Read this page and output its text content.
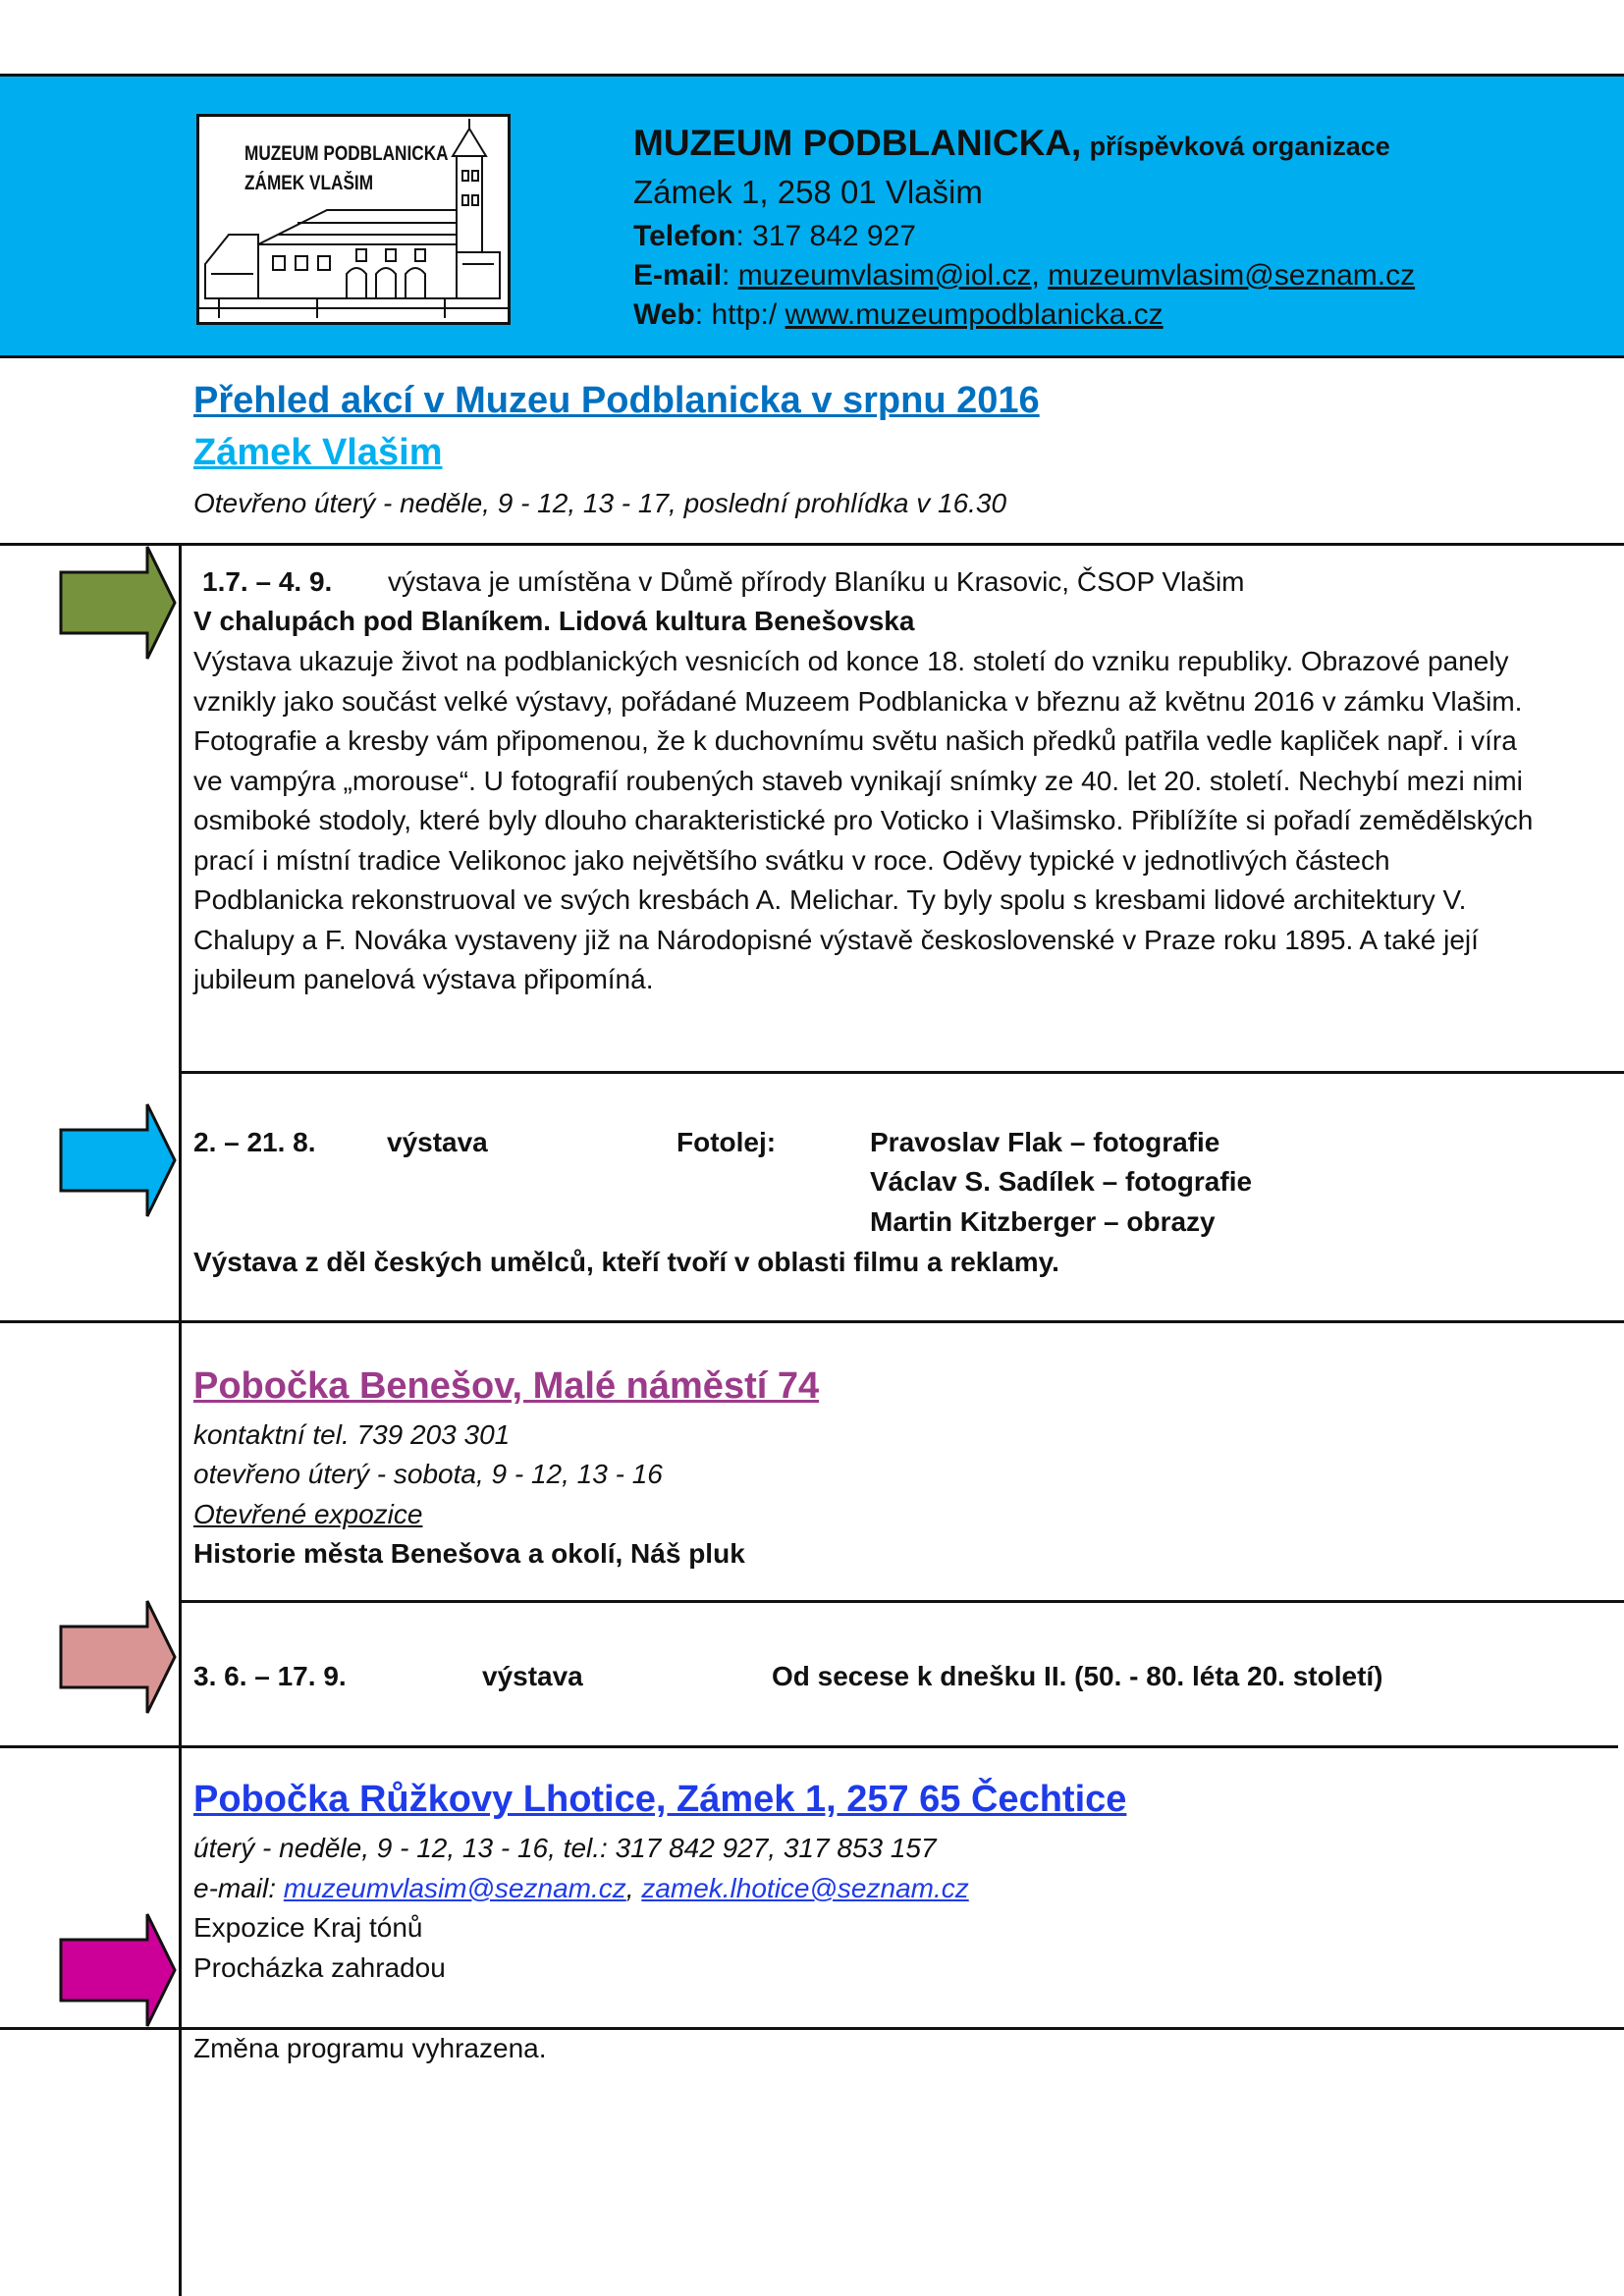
MUZEUM PODBLANICKA
ZÁMEK VLAŠIM
MUZEUM PODBLANICKA, příspěvková organizace
Zámek 1, 258 01 Vlašim
Telefon: 317 842 927
E-mail: muzeumvlasim@iol.cz, muzeumvlasim@seznam.cz
Web: http:/ www.muzeumpodblanicka.cz
Přehled akcí v Muzeu Podblanicka v srpnu 2016
Zámek Vlašim
Otevřeno úterý - neděle, 9 - 12, 13 - 17, poslední prohlídka v 16.30
1.7. – 4. 9. výstava je umístěna v Důmě přírody Blaníku u Krasovic, ČSOP Vlašim
V chalupách pod Blaníkem. Lidová kultura Benešovska
Výstava ukazuje život na podblanických vesnicích od konce 18. století do vzniku republiky. Obrazové panely vznikly jako součást velké výstavy, pořádané Muzeem Podblanicka v březnu až květnu 2016 v zámku Vlašim. Fotografie a kresby vám připomenou, že k duchovnímu světu našich předků patřila vedle kapliček např. i víra ve vampýra „morouse“. U fotografií roubených staveb vynikají snímky ze 40. let 20. století. Nechybí mezi nimi osmiboké stodoly, které byly dlouho charakteristické pro Voticko i Vlašimsko. Přiblížíte si pořadí zemědělských prací i místní tradice Velikonoc jako největšího svátku v roce. Oděvy typické v jednotlivých částech Podblanicka rekonstruoval ve svých kresbách A. Melichar. Ty byly spolu s kresbami lidové architektury V. Chalupy a F. Nováka vystaveny již na Národopisné výstavě československé v Praze roku 1895. A také její jubileum panelová výstava připomíná.
2. – 21. 8.	výstava	Fotolej:	Pravoslav Flak – fotografie
Václav S. Sadílek – fotografie
Martin Kitzberger – obrazy
Výstava z děl českých umělců, kteří tvoří v oblasti filmu a reklamy.
Pobočka Benešov, Malé náměstí 74
kontaktní tel. 739 203 301
otevřeno úterý - sobota, 9 - 12, 13 - 16
Otevřené expozice
Historie města Benešova a okolí, Náš pluk
3. 6. – 17. 9.	výstava	Od secese k dnešku II. (50. - 80. léta 20. století)
Pobočka Růžkovy Lhotice, Zámek 1, 257 65 Čechtice
úterý - neděle, 9 - 12, 13 - 16, tel.: 317 842 927, 317 853 157
e-mail: muzeumvlasim@seznam.cz, zamek.lhotice@seznam.cz
Expozice Kraj tónů
Procházka zahradou
Změna programu vyhrazena.
